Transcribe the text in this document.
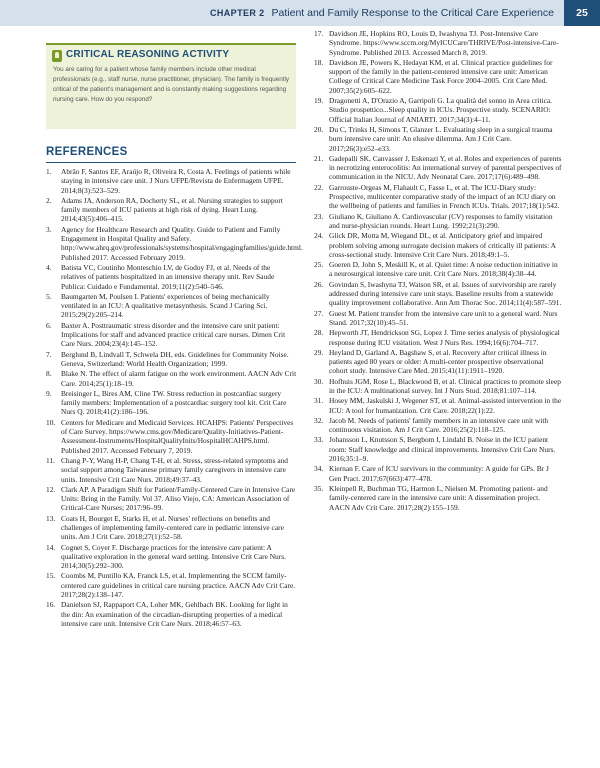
CHAPTER 2 Patient and Family Response to the Critical Care Experience	25
CRITICAL REASONING ACTIVITY
You are caring for a patient whose family members include other medical professionals (e.g., staff nurse, nurse practitioner, physician). The family is frequently critical of the patient's management and is constantly making suggestions regarding nursing care. How do you respond?
REFERENCES
1. Abrão F, Santos EF, Araújo R, Oliveira R, Costa A. Feelings of patients while staying in intensive care unit. J Nurs UFPE/Revista de Enfermagem UFPE. 2014;8(3):523–529.
2. Adams JA, Anderson RA, Docherty SL, et al. Nursing strategies to support family members of ICU patients at high risk of dying. Heart Lung. 2014;43(5):406–415.
3. Agency for Healthcare Research and Quality. Guide to Patient and Family Engagement in Hospital Quality and Safety. http://www.ahrq.gov/professionals/systems/hospital/engagingfamilies/guide.html. Published 2017. Accessed February 2019.
4. Batista VC, Coutinho Monteschio LV, de Godoy FJ, et al. Needs of the relatives of patients hospitalized in an intensive therapy unit. Rev Saude Publica: Cuidado e Fundamental. 2019;11(2):540–546.
5. Baumgarten M, Poulsen I. Patients' experiences of being mechanically ventilated in an ICU: A qualitative metasynthesis. Scand J Caring Sci. 2015;29(2):205–214.
6. Baxter A. Posttraumatic stress disorder and the intensive care unit patient: Implications for staff and advanced practice critical care nurses. Dimen Crit Care Nurs. 2004;23(4):145–152.
7. Berglund B, Lindvall T, Schwela DH, eds. Guidelines for Community Noise. Geneva, Switzerland: World Health Organization; 1999.
8. Blake N. The effect of alarm fatigue on the work environment. AACN Adv Crit Care. 2014;25(1):18–19.
9. Breisinger L, Bires AM, Cline TW. Stress reduction in postcardiac surgery family members: Implementation of a postcardiac surgery tool kit. Crit Care Nurs Q. 2018;41(2):186–196.
10. Centers for Medicare and Medicaid Services. HCAHPS: Patients' Perspectives of Care Survey. https://www.cms.gov/Medicare/Quality-Initiatives-Patient-Assessment-Instruments/HospitalQualityInits/HospitalHCAHPS.html. Published 2017. Accessed February 7, 2019.
11. Chang P-Y, Wang H-P, Chang T-H, et al. Stress, stress-related symptoms and social support among Taiwanese primary family caregivers in intensive care units. Intensive Crit Care Nurs. 2018;49:37–43.
12. Clark AP. A Paradigm Shift for Patient/Family-Centered Care in Intensive Care Units: Bring in the Family. Vol 37. Aliso Viejo, CA: American Association of Critical-Care Nurses; 2017:96–99.
13. Coats H, Bourget E, Starks H, et al. Nurses' reflections on benefits and challenges of implementing family-centered care in pediatric intensive care units. Am J Crit Care. 2018;27(1):52–58.
14. Cognet S, Coyer F. Discharge practices for the intensive care patient: A qualitative exploration in the general ward setting. Intensive Crit Care Nurs. 2014;30(5):292–300.
15. Coombs M, Puntillo KA, Franck LS, et al. Implementing the SCCM family-centered care guidelines in critical care nursing practice. AACN Adv Crit Care. 2017;28(2):138–147.
16. Danielson SJ, Rappaport CA, Loher MK, Gehlbach BK. Looking for light in the din: An examination of the circadian-disrupting properties of a medical intensive care unit. Intensive Crit Care Nurs. 2018;46:57–63.
17. Davidson JE, Hopkins RO, Louis D, Iwashyna TJ. Post-Intensive Care Syndrome. https://www.sccm.org/MyICUCare/THRIVE/Post-intensive-Care-Syndrome. Published 2013. Accessed March 8, 2019.
18. Davidson JE, Powers K, Hedayat KM, et al. Clinical practice guidelines for support of the family in the patient-centered intensive care unit: American College of Critical Care Medicine Task Force 2004–2005. Crit Care Med. 2007;35(2):605–622.
19. Dragonetti A, D'Orazio A, Garripoli G. La qualità del sonno in Area critica. Studio prospettico...Sleep quality in ICUs. Prospective study. SCENARIO: Official Italian Journal of ANIARTI. 2017;34(3):4–11.
20. Du C, Trinks H, Simons T, Glanzer L. Evaluating sleep in a surgical trauma burn intensive care unit: An elusive dilemma. Am J Crit Care. 2017;26(3):e52–e33.
21. Gadepalli SK, Canvasser J, Eskenazi Y, et al. Roles and experiences of parents in necrotizing enterocolitis: An international survey of parental perspectives of communication in the NICU. Adv Neonatal Care. 2017;17(6):489–498.
22. Garrouste-Orgeas M, Flahault C, Fasse L, et al. The ICU-Diary study: Prospective, multicenter comparative study of the impact of an ICU diary on the wellbeing of patients and families in French ICUs. Trials. 2017;18(1):542.
23. Giuliano K, Giuliano A. Cardiovascular (CV) responses to family visitation and nurse-physician rounds. Heart Lung. 1992;21(3):290.
24. Glick DR, Motta M, Wiegand DL, et al. Anticipatory grief and impaired problem solving among surrogate decision makers of critically ill patients: A cross-sectional study. Intensive Crit Care Nurs. 2018;49:1–5.
25. Goeren D, John S, Meskill K, et al. Quiet time: A noise reduction initiative in a neurosurgical intensive care unit. Crit Care Nurs. 2018;38(4):38–44.
26. Govindan S, Iwashyna TJ, Watson SR, et al. Issues of survivorship are rarely addressed during intensive care unit stays. Baseline results from a statewide quality improvement collaborative. Ann Am Thorac Soc. 2014;11(4):587–591.
27. Guest M. Patient transfer from the intensive care unit to a general ward. Nurs Stand. 2017;32(10):45–51.
28. Hepworth JT, Hendrickson SG, Lopez J. Time series analysis of physiological response during ICU visitation. West J Nurs Res. 1994;16(6):704–717.
29. Heyland D, Garland A, Bagshaw S, et al. Recovery after critical illness in patients aged 80 years or older: A multi-center prospective observational cohort study. Intensive Care Med. 2015;41(11):1911–1920.
30. Hofhuis JGM, Rose L, Blackwood B, et al. Clinical practices to promote sleep in the ICU: A multinational survey. Int J Nurs Stud. 2018;81:107–114.
31. Hosey MM, Jaskulski J, Wegener ST, et al. Animal-assisted intervention in the ICU: A tool for humanization. Crit Care. 2018;22(1):22.
32. Jacob M. Needs of patients' family members in an intensive care unit with continuous visitation. Am J Crit Care. 2016;25(2):118–125.
33. Johansson L, Knutsson S, Bergbom I, Lindahl B. Noise in the ICU patient room: Staff knowledge and clinical improvements. Intensive Crit Care Nurs. 2016;35:1–9.
34. Kiernan F. Care of ICU survivors in the community: A guide for GPs. Br J Gen Pract. 2017;67(663):477–478.
35. Kleinpell R, Buchman TG, Harmon L, Nielsen M. Promoting patient- and family-centered care in the intensive care unit: A dissemination project. AACN Adv Crit Care. 2017;28(2):155–159.
